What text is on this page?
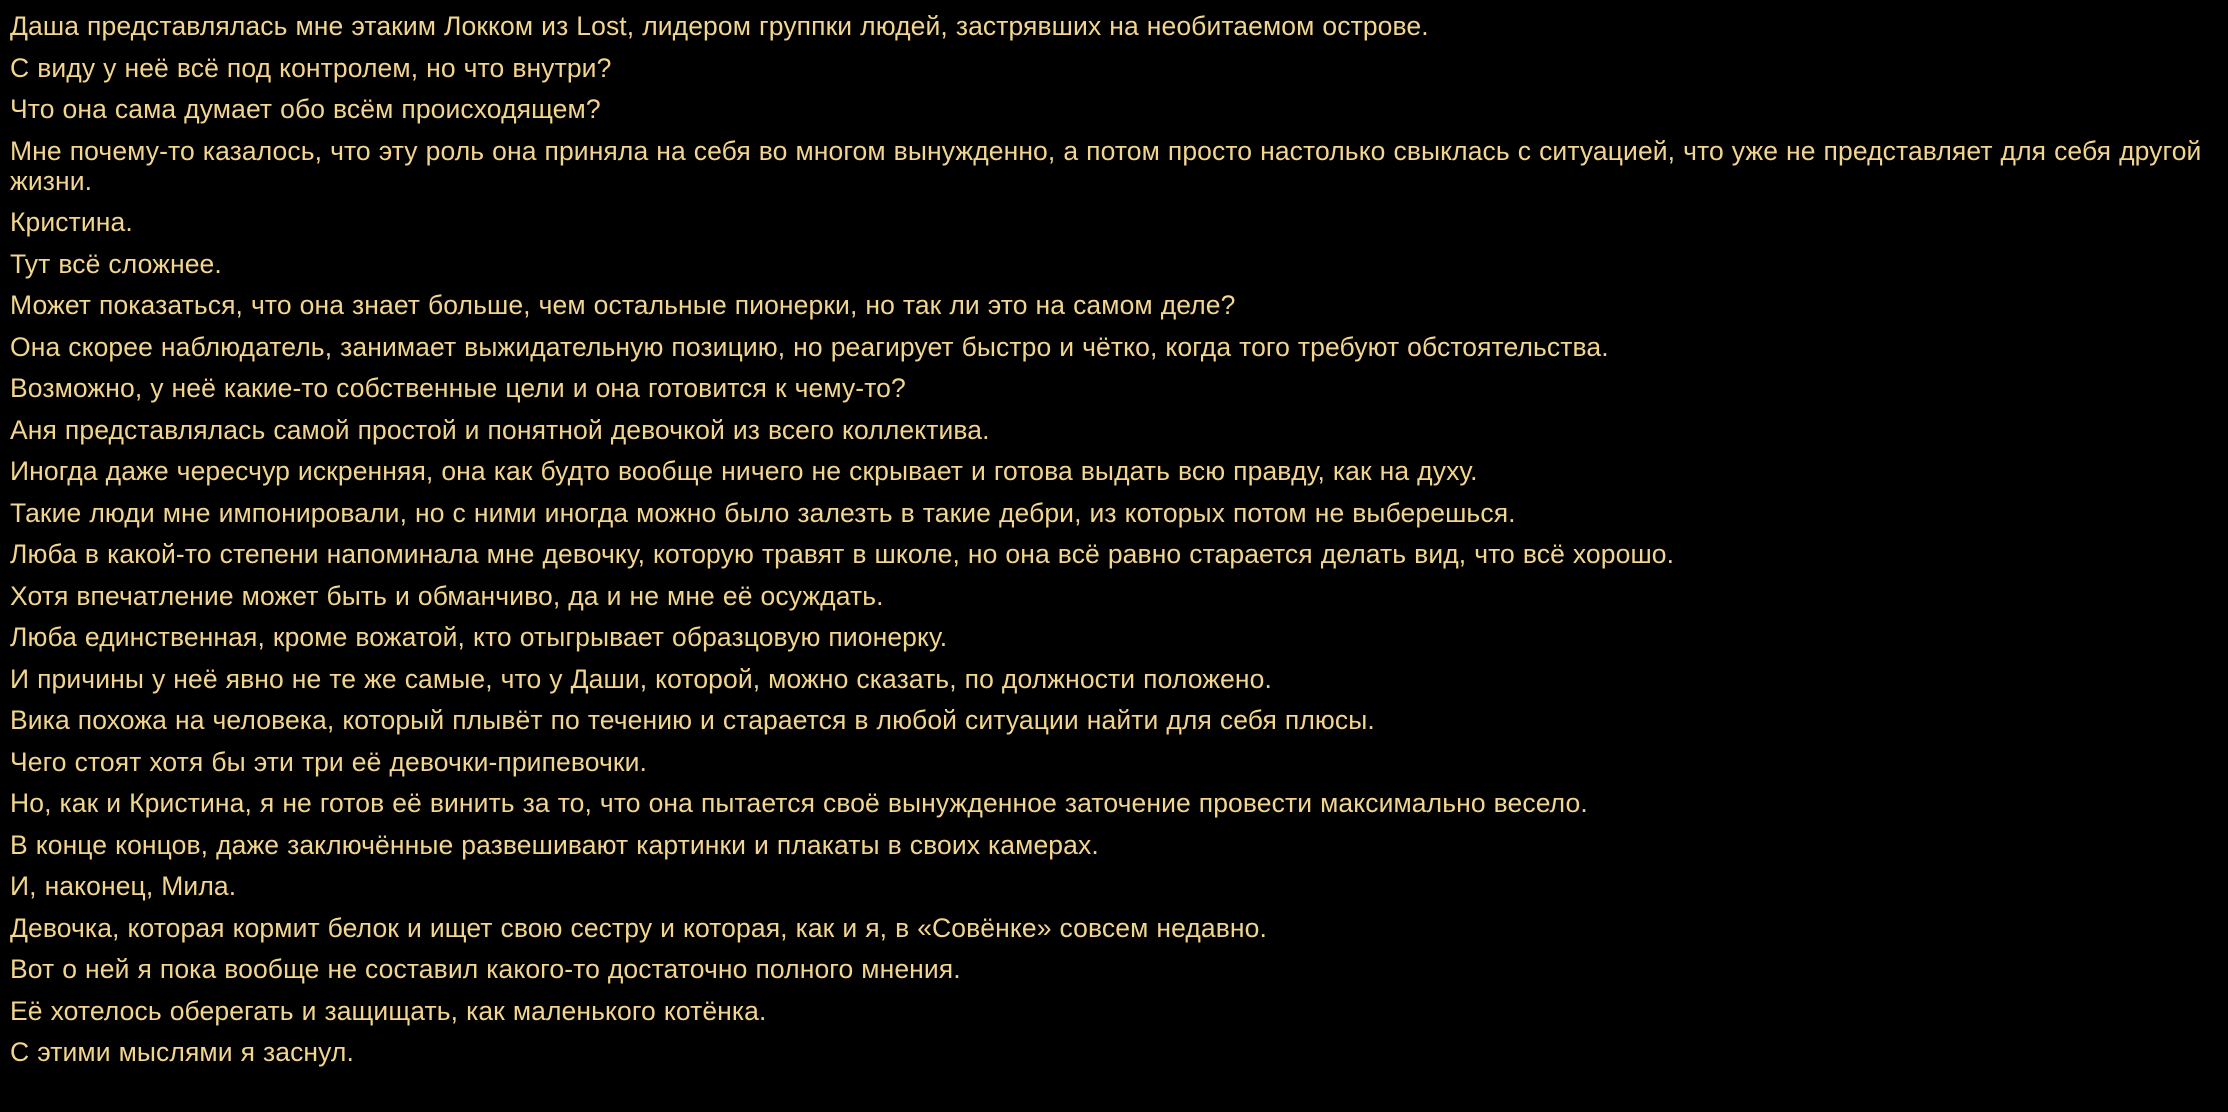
Даша представлялась мне этаким Локком из Lost, лидером группки людей, застрявших на необитаемом острове.

С виду у неё всё под контролем, но что внутри?

Что она сама думает обо всём происходящем?

Мне почему-то казалось, что эту роль она приняла на себя во многом вынужденно, а потом просто настолько свыклась с ситуацией, что уже не представляет для себя другой жизни.

Кристина.

Тут всё сложнее.

Может показаться, что она знает больше, чем остальные пионерки, но так ли это на самом деле?

Она скорее наблюдатель, занимает выжидательную позицию, но реагирует быстро и чётко, когда того требуют обстоятельства.

Возможно, у неё какие-то собственные цели и она готовится к чему-то?

Аня представлялась самой простой и понятной девочкой из всего коллектива.

Иногда даже чересчур искренняя, она как будто вообще ничего не скрывает и готова выдать всю правду, как на духу.

Такие люди мне импонировали, но с ними иногда можно было залезть в такие дебри, из которых потом не выберешься.

Люба в какой-то степени напоминала мне девочку, которую травят в школе, но она всё равно старается делать вид, что всё хорошо.

Хотя впечатление может быть и обманчиво, да и не мне её осуждать.

Люба единственная, кроме вожатой, кто отыгрывает образцовую пионерку.

И причины у неё явно не те же самые, что у Даши, которой, можно сказать, по должности положено.

Вика похожа на человека, который плывёт по течению и старается в любой ситуации найти для себя плюсы.

Чего стоят хотя бы эти три её девочки-припевочки.

Но, как и Кристина, я не готов её винить за то, что она пытается своё вынужденное заточение провести максимально весело.

В конце концов, даже заключённые развешивают картинки и плакаты в своих камерах.

И, наконец, Мила.

Девочка, которая кормит белок и ищет свою сестру и которая, как и я, в «Совёнке» совсем недавно.

Вот о ней я пока вообще не составил какого-то достаточно полного мнения.

Её хотелось оберегать и защищать, как маленького котёнка.

С этими мыслями я заснул.
